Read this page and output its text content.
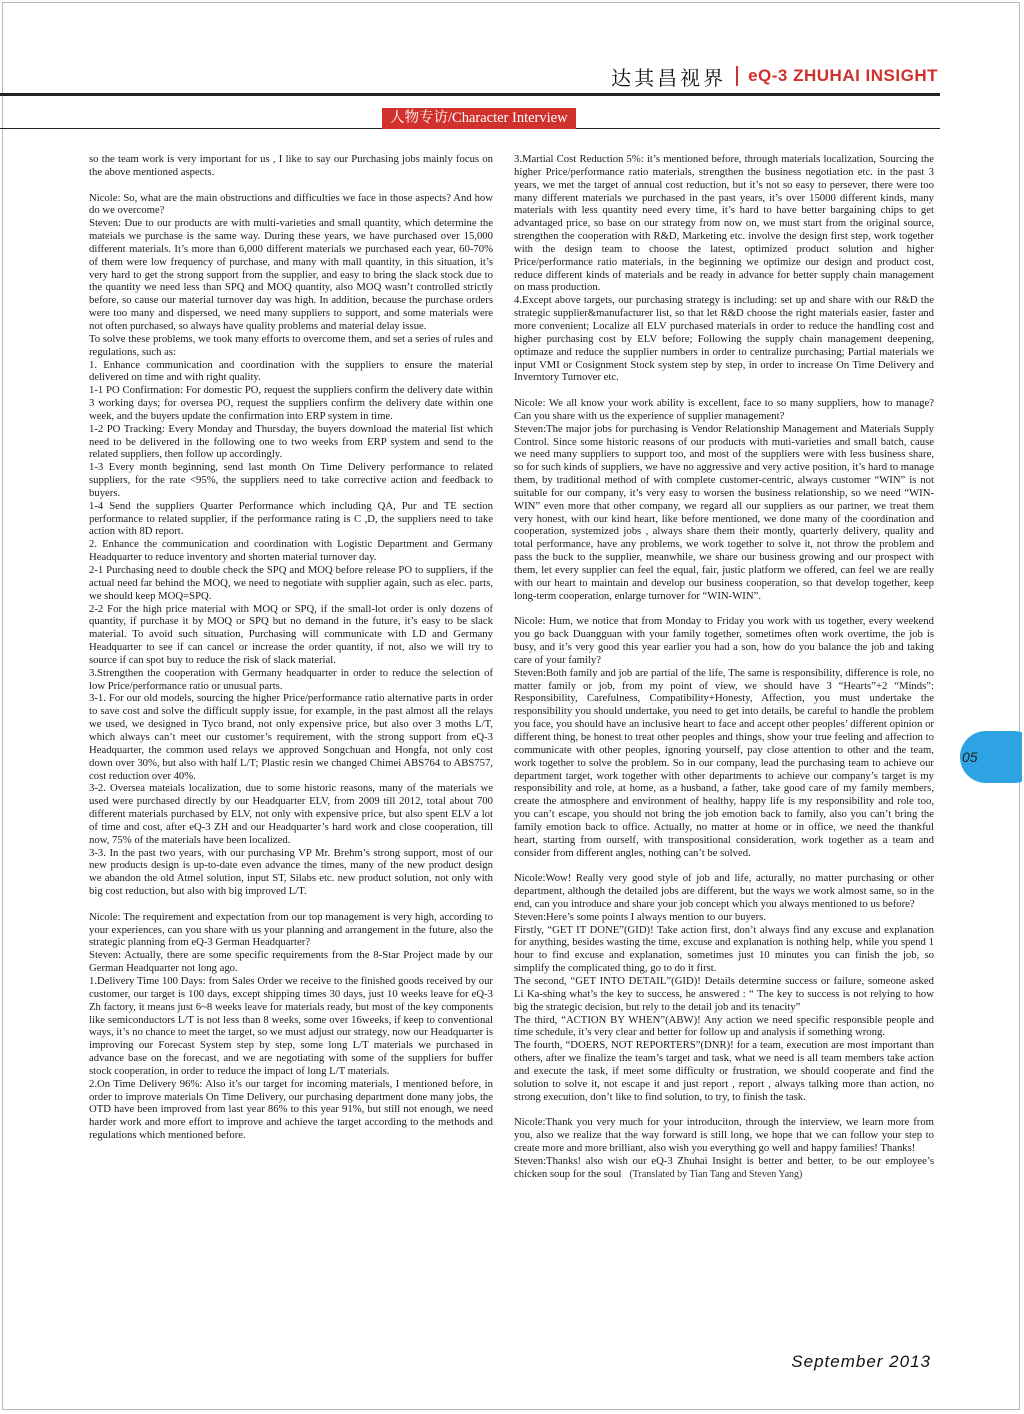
达其昌视界 eQ-3 ZHUHAI INSIGHT
人物专访/Character Interview

so the team work is very important for us , I like to say our Purchasing jobs mainly focus on the above mentioned aspects.

Nicole: So, what are the main obstructions and difficulties we face in those aspects? And how do we overcome?

Steven: Due to our products are with multi-varieties and small quantity, which determine the mateials we purchase is the same way. During these years, we have purchased over 15,000 different materials. It’s more than 6,000 different materials we purchased each year, 60-70% of them were low frequency of purchase, and many with mall quantity, in this situation, it’s very hard to get the strong support from the supplier, and easy to bring the slack stock due to the quantity we need less than SPQ and MOQ quantity, also MOQ wasn’t controlled strictly before, so cause our material turnover day was high. In addition, because the purchase orders were too many and dispersed, we need many suppliers to support, and some materials were not often purchased, so always have quality problems and material delay issue.

To solve these problems, we took many efforts to overcome them, and set a series of rules and regulations, such as:

1. Enhance communication and coordination with the suppliers to ensure the material delivered on time and with right quality.

1-1 PO Confirmation: For domestic PO, request the suppliers confirm the delivery date within 3 working days; for oversea PO, request the suppliers confirm the delivery date within one week, and the buyers update the confirmation into ERP system in time.

1-2 PO Tracking: Every Monday and Thursday, the buyers download the material list which need to be delivered in the following one to two weeks from ERP system and send to the related suppliers, then follow up accordingly.

1-3 Every month beginning, send last month On Time Delivery performance to related suppliers, for the rate <95%, the suppliers need to take corrective action and feedback to buyers.

1-4 Send the suppliers Quarter Performance which including QA, Pur and TE section performance to related supplier, if the performance rating is C ,D, the suppliers need to take action with 8D report.

2. Enhance the communication and coordination with Logistic Department and Germany Headquarter to reduce inventory and shorten material turnover day.

2-1 Purchasing need to double check the SPQ and MOQ before release PO to suppliers, if the actual need far behind the MOQ, we need to negotiate with supplier again, such as elec. parts, we should keep MOQ=SPQ.

2-2 For the high price material with MOQ or SPQ, if the small-lot order is only dozens of quantity, if purchase it by MOQ or SPQ but no demand in the future, it’s easy to be slack material. To avoid such situation, Purchasing will communicate with LD and Germany Headquarter to see if can cancel or increase the order quantity, if not, also we will try to source if can spot buy to reduce the risk of slack material.

3.Strengthen the cooperation with Germany headquarter in order to reduce the selection of low Price/performance ratio or unusual parts.

3-1. For our old models, sourcing the higher Price/performance ratio alternative parts in order to save cost and solve the difficult supply issue, for example, in the past almost all the relays we used, we designed in Tyco brand, not only expensive price, but also over 3 moths L/T, which always can’t meet our customer’s requirement, with the strong support from eQ-3 Headquarter, the common used relays we approved Songchuan and Hongfa, not only cost down over 30%, but also with half L/T; Plastic resin we changed Chimei ABS764 to ABS757, cost reduction over 40%.

3-2. Oversea mateials localization, due to some historic reasons, many of the materials we used were purchased directly by our Headquarter ELV, from 2009 till 2012, total about 700 different materials purchased by ELV, not only with expensive price, but also spent ELV a lot of time and cost, after eQ-3 ZH and our Headquarter’s hard work and close cooperation, till now, 75% of the materials have been localized.

3-3. In the past two years, with our purchasing VP Mr. Brehm’s strong support, most of our new products design is up-to-date even advance the times, many of the new product design we abandon the old Atmel solution, input ST, Silabs etc. new product solution, not only with big cost reduction, but also with big improved L/T.

Nicole: The requirement and expectation from our top management is very high, according to your experiences, can you share with us your planning and arrangement in the future, also the strategic planning from eQ-3 German Headquarter?

Steven: Actually, there are some specific requirements from the 8-Star Project made by our German Headquarter not long ago.

1.Delivery Time 100 Days: from Sales Order we receive to the finished goods received by our customer, our target is 100 days, except shipping times 30 days, just 10 weeks leave for eQ-3 Zh factory, it means just 6~8 weeks leave for materials ready, but most of the key components like semiconductors L/T is not less than 8 weeks, some over 16weeks, if keep to conventional ways, it’s no chance to meet the target, so we must adjust our strategy, now our Headquarter is improving our Forecast System step by step, some long L/T materials we purchased in advance base on the forecast, and we are negotiating with some of the suppliers for buffer stock cooperation, in order to reduce the impact of long L/T materials.

2.On Time Delivery 96%: Also it’s our target for incoming materials, I mentioned before, in order to improve materials On Time Delivery, our purchasing department done many jobs, the OTD have been improved from last year 86% to this year 91%, but still not enough, we need harder work and more effort to improve and achieve the target according to the methods and regulations which mentioned before.

3.Martial Cost Reduction 5%: it’s mentioned before, through materials localization, Sourcing the higher Price/performance ratio materials, strengthen the business negotiation etc. in the past 3 years, we met the target of annual cost reduction, but it’s not so easy to persever, there were too many different materials we purchased in the past years, it’s over 15000 different kinds, many materials with less quantity need every time, it’s hard to have better bargaining chips to get advantaged price, so base on our strategy from now on, we must start from the original source, strengthen the cooperation with R&D, Marketing etc. involve the design first step, work together with the design team to choose the latest, optimized product solution and higher Price/performance ratio materials, in the beginning we optimize our design and product cost, reduce different kinds of materials and be ready in advance for better supply chain management on mass production.

4.Except above targets, our purchasing strategy is including: set up and share with our R&D the strategic supplier&manufacturer list, so that let R&D choose the right materials easier, faster and more convenient; Localize all ELV purchased materials in order to reduce the handling cost and higher purchasing cost by ELV before; Following the supply chain management deepening, optimaze and reduce the supplier numbers in order to centralize purchasing; Partial materials we input VMI or Cosignment Stock system step by step, in order to increase On Time Delivery and Inverntory Turnover etc.

Nicole: We all know your work ability is excellent, face to so many suppliers, how to manage? Can you share with us the experience of supplier management?

Steven:The major jobs for purchasing is Vendor Relationship Management and Materials Supply Control. Since some historic reasons of our products with muti-varieties and small batch, cause we need many suppliers to support too, and most of the suppliers were with less business share, so for such kinds of suppliers, we have no aggressive and very active position, it’s hard to manage them, by traditional method of with complete customer-centric, always customer “WIN” is not suitable for our company, it’s very easy to worsen the business relationship, so we need “WIN-WIN” even more that other company, we regard all our suppliers as our partner, we treat them very honest, with our kind heart, like before mentioned, we done many of the coordination and cooperation, systemized jobs , always share them their montly, quarterly delivery, quality and total performance, have any problems, we work together to solve it, not throw the problem and pass the buck to the supplier, meanwhile, we share our business growing and our prospect with them, let every supplier can feel the equal, fair, justic platform we offered, can feel we are really with our heart to maintain and develop our business cooperation, so that develop together, keep long-term cooperation, enlarge turnover for “WIN-WIN”.

Nicole: Hum, we notice that from Monday to Friday you work with us together, every weekend you go back Duangguan with your family together, sometimes often work overtime, the job is busy, and it’s very good this year earlier you had a son, how do you balance the job and taking care of your family?

Steven:Both family and job are partial of the life, The same is responsibility, difference is role, no matter family or job, from my point of view, we should have 3 “Hearts”+2 “Minds”: Responsibility, Carefulness, Compatibility+Honesty, Affection, you must undertake the responsibility you should undertake, you need to get into details, be careful to handle the problem you face, you should have an inclusive heart to face and accept other peoples’ different opinion or different thing, be honest to treat other peoples and things, show your true feeling and affection to communicate with other peoples, ignoring yourself, pay close attention to other and the team, work together to solve the problem. So in our company, lead the purchasing team to achieve our department target, work together with other departments to achieve our company’s target is my responsibility and role, at home, as a husband, a father, take good care of my family members, create the atmosphere and environment of healthy, happy life is my responsibility and role too, you can’t escape, you should not bring the job emotion back to family, also you can’t bring the family emotion back to office. Actually, no matter at home or in office, we need the thankful heart, starting from ourself, with transpositional consideration, work together as a team and consider from different angles, nothing can’t be solved.

Nicole:Wow! Really very good style of job and life, acturally, no matter purchasing or other department, although the detailed jobs are different, but the ways we work almost same, so in the end, can you introduce and share your job concept which you always mentioned to us before?

Steven:Here’s some points I always mention to our buyers.

Firstly, “GET IT DONE”(GID)! Take action first, don’t always find any excuse and explanation for anything, besides wasting the time, excuse and explanation is nothing help, while you spend 1 hour to find excuse and explanation, sometimes just 10 minutes you can finish the job, so simplify the complicated thing, go to do it first.

The second, “GET INTO DETAIL”(GID)! Details determine success or failure, someone asked Li Ka-shing what’s the key to success, he answered : “ The key to success is not relying to how big the strategic decision, but rely to the detail job and its tenacity”

The third, “ACTION BY WHEN”(ABW)! Any action we need specific responsible people and time schedule, it’s very clear and better for follow up and analysis if something wrong.

The fourth, “DOERS, NOT REPORTERS”(DNR)! for a team, execution are most important than others, after we finalize the team’s target and task, what we need is all team members take action and execute the task, if meet some difficulty or frustration, we should cooperate and find the solution to solve it, not escape it and just report , report , always talking more than action, no strong execution, don’t like to find solution, to try, to finish the task.

Nicole:Thank you very much for your introduciton, through the interview, we learn more from you, also we realize that the way forward is still long, we hope that we can follow your step to create more and more brilliant, also wish you everything go well and happy families! Thanks!

Steven:Thanks! also wish our eQ-3 Zhuhai Insight is better and better, to be our employee’s chicken soup for the soul (Translated by Tian Tang and Steven Yang)

05
September 2013
